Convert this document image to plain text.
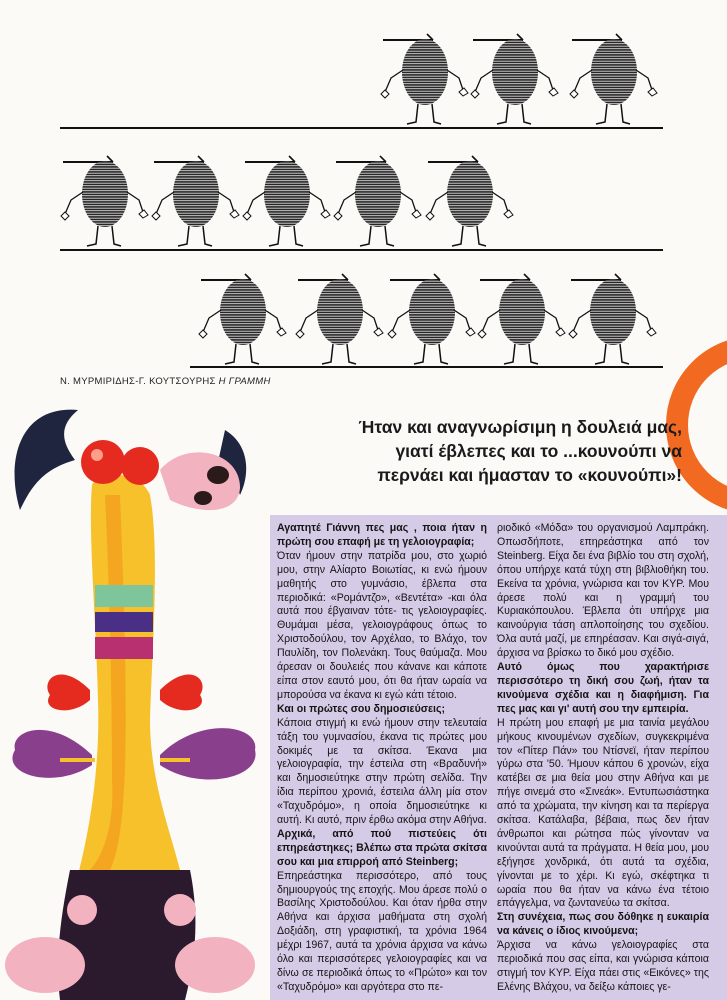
Ν. ΜΥΡΜΙΡΙΔΗΣ-Γ. ΚΟΥΤΣΟΥΡΗΣ Η ΓΡΑΜΜΗ
Ήταν και αναγνωρίσιμη η δουλειά μας,
γιατί έβλεπες και το ...κουνούπι να
περνάει και ήμασταν το «κουνούπι»!

Αγαπητέ Γιάννη πες μας , ποια ήταν η πρώτη σου επαφή με τη γελοιογραφία;

Όταν ήμουν στην πατρίδα μου, στο χωριό μου, στην Αλίαρτο Βοιωτίας, κι ενώ ήμουν μαθητής στο γυμνάσιο, έβλεπα στα περιοδικά: «Ρομάντζο», «Βεντέτα» -και όλα αυτά που έβγαιναν τότε- τις γελοιογραφίες. Θυμάμαι μέσα, γελοιογράφους όπως το Χριστοδούλου, τον Αρχέλαο, το Βλάχο, τον Παυλίδη, τον Πολενάκη. Τους θαύμαζα. Μου άρεσαν οι δουλειές που κάνανε και κάποτε είπα στον εαυτό μου, ότι θα ήταν ωραία να μπορούσα να έκανα κι εγώ κάτι τέτοιο.

Και οι πρώτες σου δημοσιεύσεις;

Κάποια στιγμή κι ενώ ήμουν στην τελευταία τάξη του γυμνασίου, έκανα τις πρώτες μου δοκιμές με τα σκίτσα. Έκανα μια γελοιογραφία, την έστειλα στη «Βραδυνή» και δημοσιεύτηκε στην πρώτη σελίδα. Την ίδια περίπου χρονιά, έστειλα άλλη μία στον «Ταχυδρόμο», η οποία δημοσιεύτηκε κι αυτή. Κι αυτό, πριν έρθω ακόμα στην Αθήνα.

Αρχικά, από πού πιστεύεις ότι επηρεάστηκες; Βλέπω στα πρώτα σκίτσα σου και μια επιρροή από Steinberg;

Επηρεάστηκα περισσότερο, από τους δημιουργούς της εποχής. Μου άρεσε πολύ ο Βασίλης Χριστοδούλου. Και όταν ήρθα στην Αθήνα και άρχισα μαθήματα στη σχολή Δοξιάδη, στη γραφιστική, τα χρόνια 1964 μέχρι 1967, αυτά τα χρόνια άρχισα να κάνω όλο και περισσότερες γελοιογραφίες και να δίνω σε περιοδικά όπως το «Πρώτο» και τον «Ταχυδρόμο» και αργότερα στο πε-

ριοδικό «Μόδα» του οργανισμού Λαμπράκη. Οπωσδήποτε, επηρεάστηκα από τον Steinberg. Είχα δει ένα βιβλίο του στη σχολή, όπου υπήρχε κατά τύχη στη βιβλιοθήκη του. Εκείνα τα χρόνια, γνώρισα και τον ΚΥΡ. Μου άρεσε πολύ και η γραμμή του Κυριακόπουλου. Έβλεπα ότι υπήρχε μια καινούργια τάση απλοποίησης του σχεδίου. Όλα αυτά μαζί, με επηρέασαν. Και σιγά-σιγά, άρχισα να βρίσκω το δικό μου σχέδιο.

Αυτό όμως που χαρακτήρισε περισσότερο τη δική σου ζωή, ήταν τα κινούμενα σχέδια και η διαφήμιση. Για πες μας και γι' αυτή σου την εμπειρία.

Η πρώτη μου επαφή με μια ταινία μεγάλου μήκους κινουμένων σχεδίων, συγκεκριμένα τον «Πίτερ Πάν» του Ντίσνεϊ, ήταν περίπου γύρω στα '50. Ήμουν κάπου 6 χρονών, είχα κατέβει σε μια θεία μου στην Αθήνα και με πήγε σινεμά στο «Σινεάκ». Εντυπωσιάστηκα από τα χρώματα, την κίνηση και τα περίεργα σκίτσα. Κατάλαβα, βέβαια, πως δεν ήταν άνθρωποι και ρώτησα πώς γίνονταν να κινούνται αυτά τα πράγματα. Η θεία μου, μου εξήγησε χονδρικά, ότι αυτά τα σχέδια, γίνονται με το χέρι. Κι εγώ, σκέφτηκα τι ωραία που θα ήταν να κάνω ένα τέτοιο επάγγελμα, να ζωντανεύω τα σκίτσα.

Στη συνέχεια, πως σου δόθηκε η ευκαιρία να κάνεις ο ίδιος κινούμενα;

Άρχισα να κάνω γελοιογραφίες στα περιοδικά που σας είπα, και γνώρισα κάποια στιγμή τον ΚΥΡ. Είχα πάει στις «Εικόνες» της Ελένης Βλάχου, να δείξω κάποιες γε-
